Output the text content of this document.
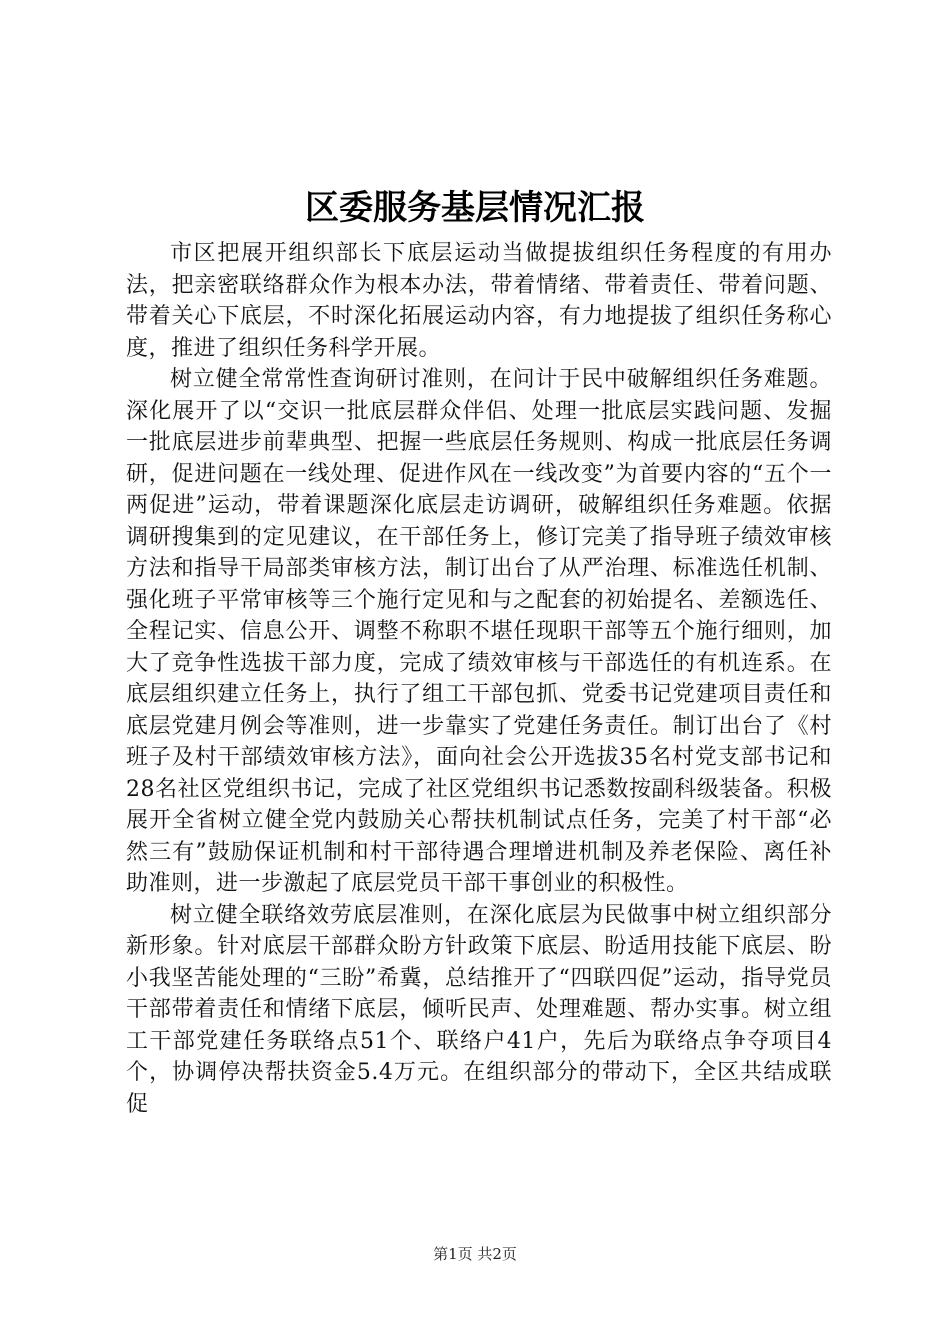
区委服务基层情况汇报

市区把展开组织部长下底层运动当做提拔组织任务程度的有用办法，把亲密联络群众作为根本办法，带着情绪、带着责任、带着问题、带着关心下底层，不时深化拓展运动内容，有力地提拔了组织任务称心度，推进了组织任务科学开展。

树立健全常常性查询研讨准则，在问计于民中破解组织任务难题。深化展开了以“交识一批底层群众伴侣、处理一批底层实践问题、发掘一批底层进步前辈典型、把握一些底层任务规则、构成一批底层任务调研，促进问题在一线处理、促进作风在一线改变”为首要内容的“五个一两促进”运动，带着课题深化底层走访调研，破解组织任务难题。依据调研搜集到的定见建议，在干部任务上，修订完美了指导班子绩效审核方法和指导干局部类审核方法，制订出台了从严治理、标准选任机制、强化班子平常审核等三个施行定见和与之配套的初始提名、差额选任、全程记实、信息公开、调整不称职不堪任现职干部等五个施行细则，加大了竞争性选拔干部力度，完成了绩效审核与干部选任的有机连系。在底层组织建立任务上，执行了组工干部包抓、党委书记党建项目责任和底层党建月例会等准则，进一步靠实了党建任务责任。制订出台了《村班子及村干部绩效审核方法》，面向社会公开选拔35名村党支部书记和28名社区党组织书记，完成了社区党组织书记悉数按副科级装备。积极展开全省树立健全党内鼓励关心帮扶机制试点任务，完美了村干部“必然三有”鼓励保证机制和村干部待遇合理增进机制及养老保险、离任补助准则，进一步激起了底层党员干部干事创业的积极性。

树立健全联络效劳底层准则，在深化底层为民做事中树立组织部分新形象。针对底层干部群众盼方针政策下底层、盼适用技能下底层、盼小我坚苦能处理的“三盼”希冀，总结推开了“四联四促”运动，指导党员干部带着责任和情绪下底层，倾听民声、处理难题、帮办实事。树立组工干部党建任务联络点51个、联络户41户，先后为联络点争夺项目4个，协调停决帮扶资金5.4万元。在组织部分的带动下，全区共结成联促

第1页 共2页
